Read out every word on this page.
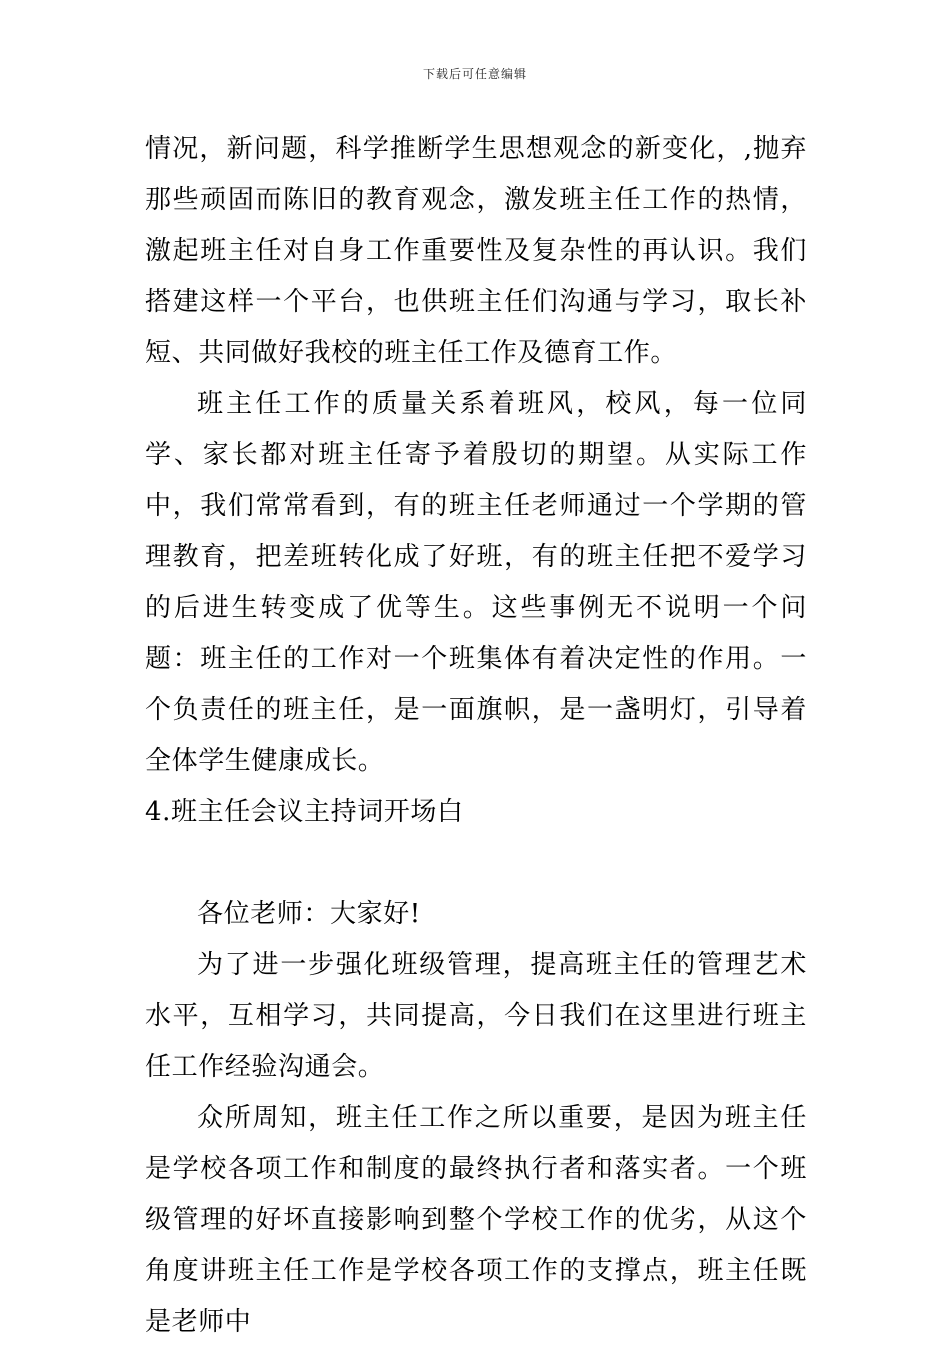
下载后可任意编辑

情况，新问题，科学推断学生思想观念的新变化，,抛弃那些顽固而陈旧的教育观念，激发班主任工作的热情，激起班主任对自身工作重要性及复杂性的再认识。我们搭建这样一个平台，也供班主任们沟通与学习，取长补短、共同做好我校的班主任工作及德育工作。

班主任工作的质量关系着班风，校风，每一位同学、家长都对班主任寄予着殷切的期望。从实际工作中，我们常常看到，有的班主任老师通过一个学期的管理教育，把差班转化成了好班，有的班主任把不爱学习的后进生转变成了优等生。这些事例无不说明一个问题：班主任的工作对一个班集体有着决定性的作用。一个负责任的班主任，是一面旗帜，是一盏明灯，引导着全体学生健康成长。

4.班主任会议主持词开场白

各位老师：大家好!

为了进一步强化班级管理，提高班主任的管理艺术水平，互相学习，共同提高，今日我们在这里进行班主任工作经验沟通会。

众所周知，班主任工作之所以重要，是因为班主任是学校各项工作和制度的最终执行者和落实者。一个班级管理的好坏直接影响到整个学校工作的优劣，从这个角度讲班主任工作是学校各项工作的支撑点，班主任既是老师中
